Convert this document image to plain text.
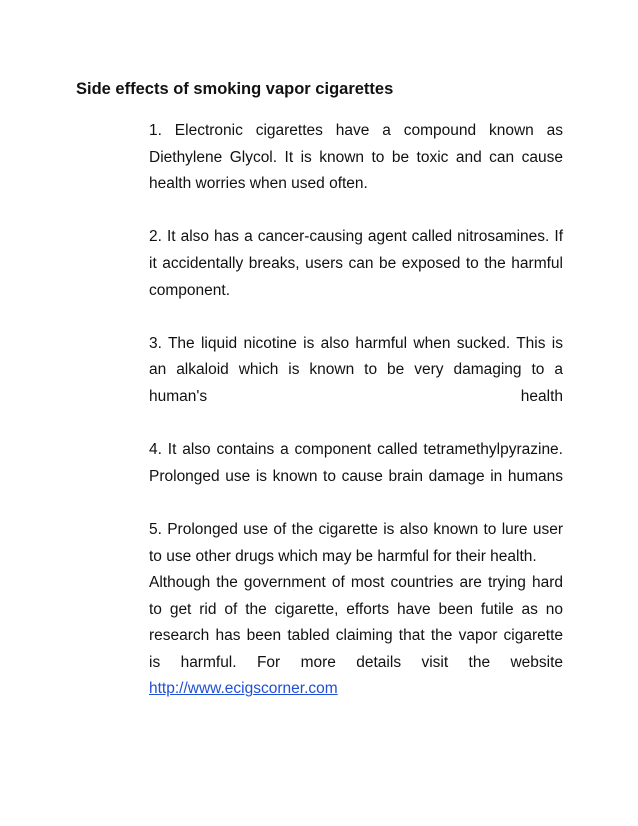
Side effects of smoking vapor cigarettes

1. Electronic cigarettes have a compound known as Diethylene Glycol. It is known to be toxic and can cause health worries when used often.

2. It also has a cancer-causing agent called nitrosamines. If it accidentally breaks, users can be exposed to the harmful component.

3. The liquid nicotine is also harmful when sucked. This is an alkaloid which is known to be very damaging to a human's health

4. It also contains a component called tetramethylpyrazine. Prolonged use is known to cause brain damage in humans

5. Prolonged use of the cigarette is also known to lure user to use other drugs which may be harmful for their health.

Although the government of most countries are trying hard to get rid of the cigarette, efforts have been futile as no research has been tabled claiming that the vapor cigarette is harmful. For more details visit the website http://www.ecigscorner.com
